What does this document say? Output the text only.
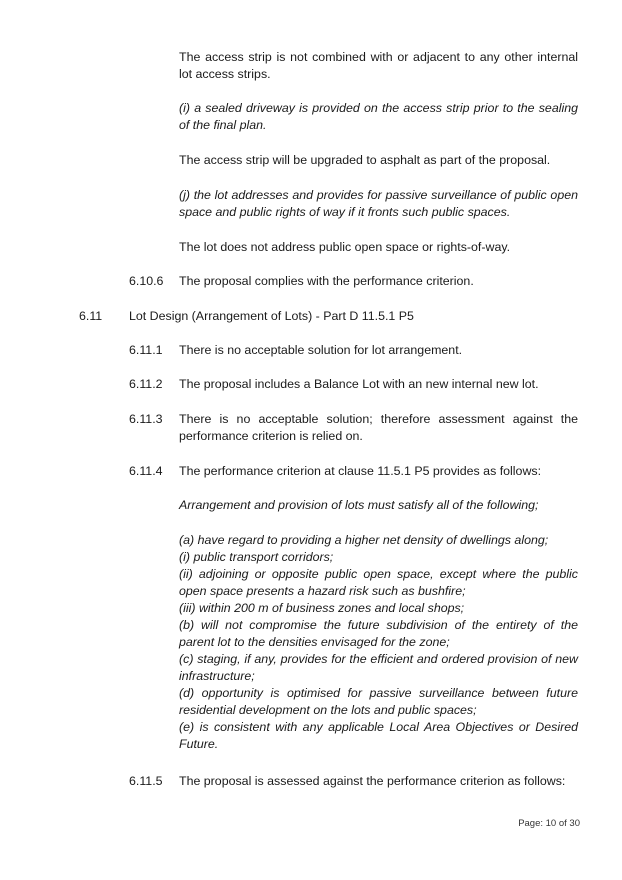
The access strip is not combined with or adjacent to any other internal lot access strips.

(i) a sealed driveway is provided on the access strip prior to the sealing of the final plan.

The access strip will be upgraded to asphalt as part of the proposal.

(j) the lot addresses and provides for passive surveillance of public open space and public rights of way if it fronts such public spaces.

The lot does not address public open space or rights-of-way.

6.10.6 The proposal complies with the performance criterion.

6.11 Lot Design (Arrangement of Lots) - Part D 11.5.1 P5

6.11.1 There is no acceptable solution for lot arrangement.

6.11.2 The proposal includes a Balance Lot with an new internal new lot.

6.11.3 There is no acceptable solution; therefore assessment against the performance criterion is relied on.

6.11.4 The performance criterion at clause 11.5.1 P5 provides as follows:

Arrangement and provision of lots must satisfy all of the following;

(a) have regard to providing a higher net density of dwellings along;
(i) public transport corridors;
(ii) adjoining or opposite public open space, except where the public open space presents a hazard risk such as bushfire;
(iii) within 200 m of business zones and local shops;
(b) will not compromise the future subdivision of the entirety of the parent lot to the densities envisaged for the zone;
(c) staging, if any, provides for the efficient and ordered provision of new infrastructure;
(d) opportunity is optimised for passive surveillance between future residential development on the lots and public spaces;
(e) is consistent with any applicable Local Area Objectives or Desired Future.

6.11.5 The proposal is assessed against the performance criterion as follows:

Page: 10 of 30
